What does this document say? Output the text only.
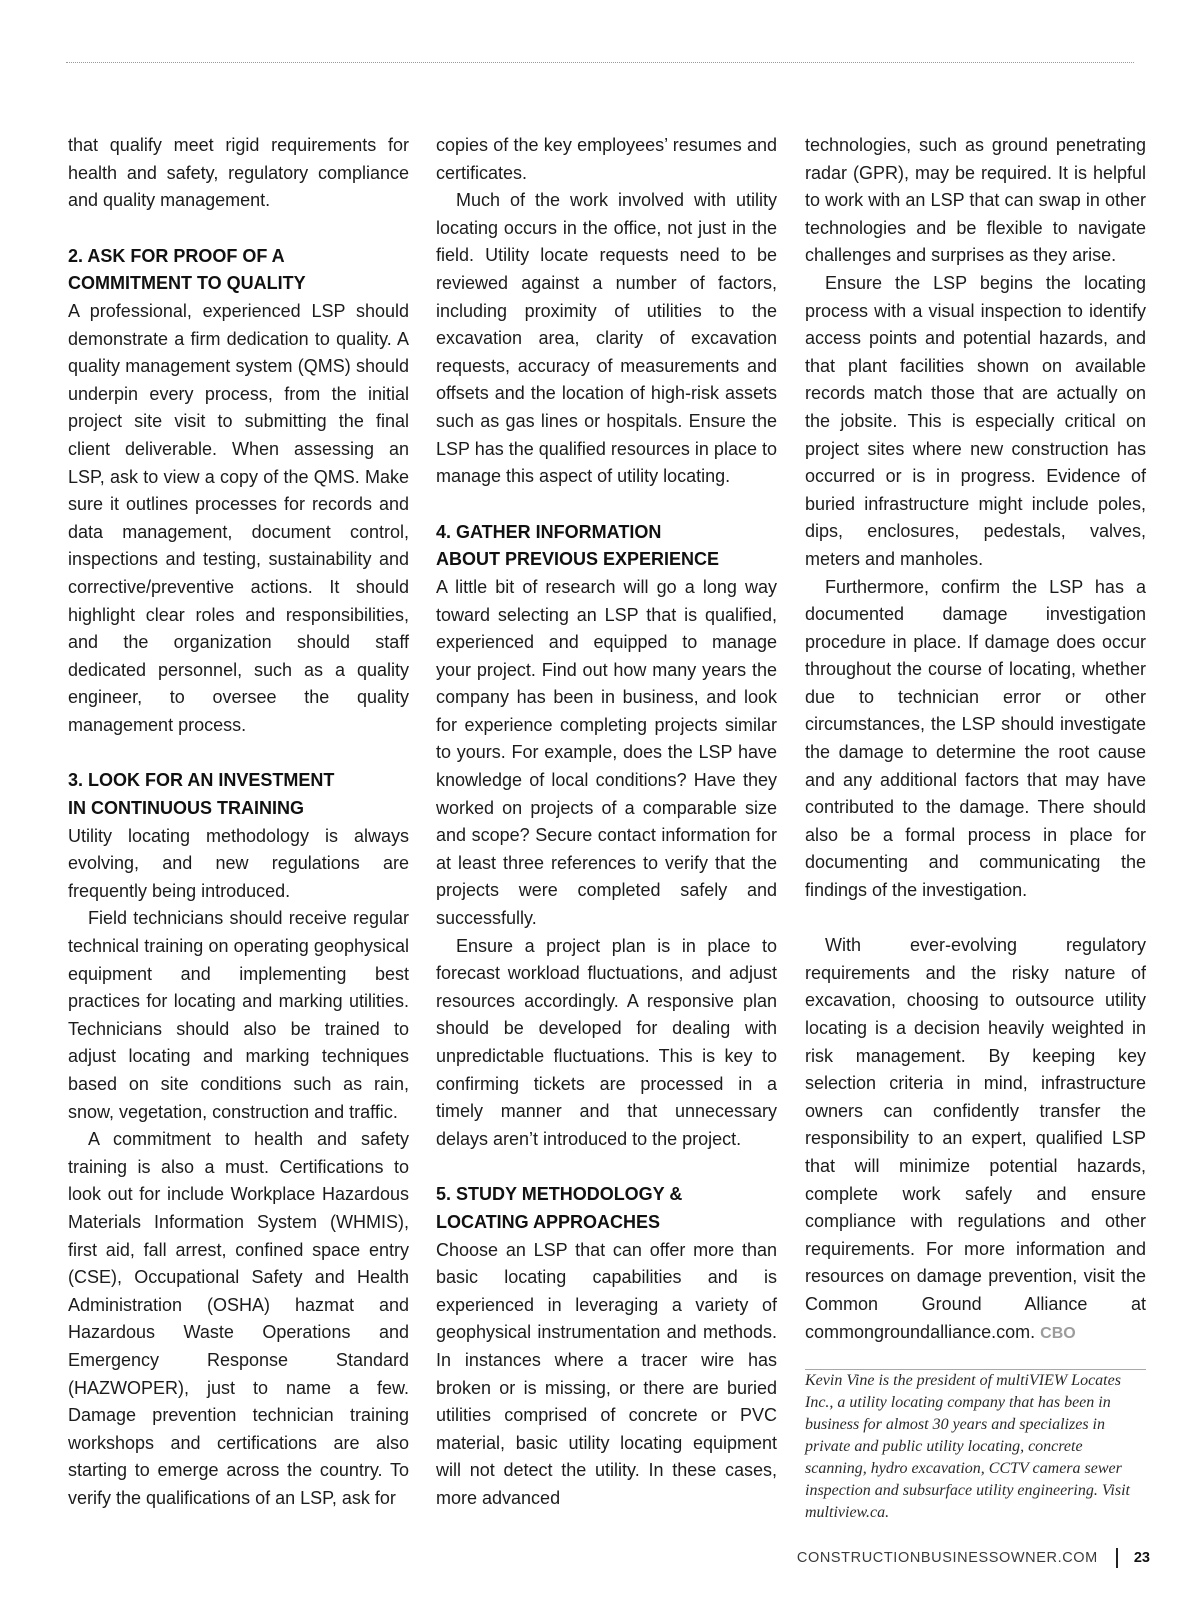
that qualify meet rigid requirements for health and safety, regulatory compliance and quality management.

2. ASK FOR PROOF OF A
COMMITMENT TO QUALITY

A professional, experienced LSP should demonstrate a firm dedication to quality. A quality management system (QMS) should underpin every process, from the initial project site visit to submitting the final client deliverable. When assessing an LSP, ask to view a copy of the QMS. Make sure it outlines processes for records and data management, document control, inspections and testing, sustainability and corrective/preventive actions. It should highlight clear roles and responsibilities, and the organization should staff dedicated personnel, such as a quality engineer, to oversee the quality management process.

3. LOOK FOR AN INVESTMENT
IN CONTINUOUS TRAINING

Utility locating methodology is always evolving, and new regulations are frequently being introduced.

Field technicians should receive regular technical training on operating geophysical equipment and implementing best practices for locating and marking utilities. Technicians should also be trained to adjust locating and marking techniques based on site conditions such as rain, snow, vegetation, construction and traffic.

A commitment to health and safety training is also a must. Certifications to look out for include Workplace Hazardous Materials Information System (WHMIS), first aid, fall arrest, confined space entry (CSE), Occupational Safety and Health Administration (OSHA) hazmat and Hazardous Waste Operations and Emergency Response Standard (HAZWOPER), just to name a few. Damage prevention technician training workshops and certifications are also starting to emerge across the country. To verify the qualifications of an LSP, ask for

copies of the key employees’ resumes and certificates.

Much of the work involved with utility locating occurs in the office, not just in the field. Utility locate requests need to be reviewed against a number of factors, including proximity of utilities to the excavation area, clarity of excavation requests, accuracy of measurements and offsets and the location of high-risk assets such as gas lines or hospitals. Ensure the LSP has the qualified resources in place to manage this aspect of utility locating.

4. GATHER INFORMATION
ABOUT PREVIOUS EXPERIENCE

A little bit of research will go a long way toward selecting an LSP that is qualified, experienced and equipped to manage your project. Find out how many years the company has been in business, and look for experience completing projects similar to yours. For example, does the LSP have knowledge of local conditions? Have they worked on projects of a comparable size and scope? Secure contact information for at least three references to verify that the projects were completed safely and successfully.

Ensure a project plan is in place to forecast workload fluctuations, and adjust resources accordingly. A responsive plan should be developed for dealing with unpredictable fluctuations. This is key to confirming tickets are processed in a timely manner and that unnecessary delays aren’t introduced to the project.

5. STUDY METHODOLOGY &
LOCATING APPROACHES

Choose an LSP that can offer more than basic locating capabilities and is experienced in leveraging a variety of geophysical instrumentation and methods. In instances where a tracer wire has broken or is missing, or there are buried utilities comprised of concrete or PVC material, basic utility locating equipment will not detect the utility. In these cases, more advanced

technologies, such as ground penetrating radar (GPR), may be required. It is helpful to work with an LSP that can swap in other technologies and be flexible to navigate challenges and surprises as they arise.

Ensure the LSP begins the locating process with a visual inspection to identify access points and potential hazards, and that plant facilities shown on available records match those that are actually on the jobsite. This is especially critical on project sites where new construction has occurred or is in progress. Evidence of buried infrastructure might include poles, dips, enclosures, pedestals, valves, meters and manholes.

Furthermore, confirm the LSP has a documented damage investigation procedure in place. If damage does occur throughout the course of locating, whether due to technician error or other circumstances, the LSP should investigate the damage to determine the root cause and any additional factors that may have contributed to the damage. There should also be a formal process in place for documenting and communicating the findings of the investigation.

With ever-evolving regulatory requirements and the risky nature of excavation, choosing to outsource utility locating is a decision heavily weighted in risk management. By keeping key selection criteria in mind, infrastructure owners can confidently transfer the responsibility to an expert, qualified LSP that will minimize potential hazards, complete work safely and ensure compliance with regulations and other requirements. For more information and resources on damage prevention, visit the Common Ground Alliance at commongroundalliance.com. CBO

Kevin Vine is the president of multiVIEW Locates Inc., a utility locating company that has been in business for almost 30 years and specializes in private and public utility locating, concrete scanning, hydro excavation, CCTV camera sewer inspection and subsurface utility engineering. Visit multiview.ca.

CONSTRUCTIONBUSINESSOWNER.COM 23
